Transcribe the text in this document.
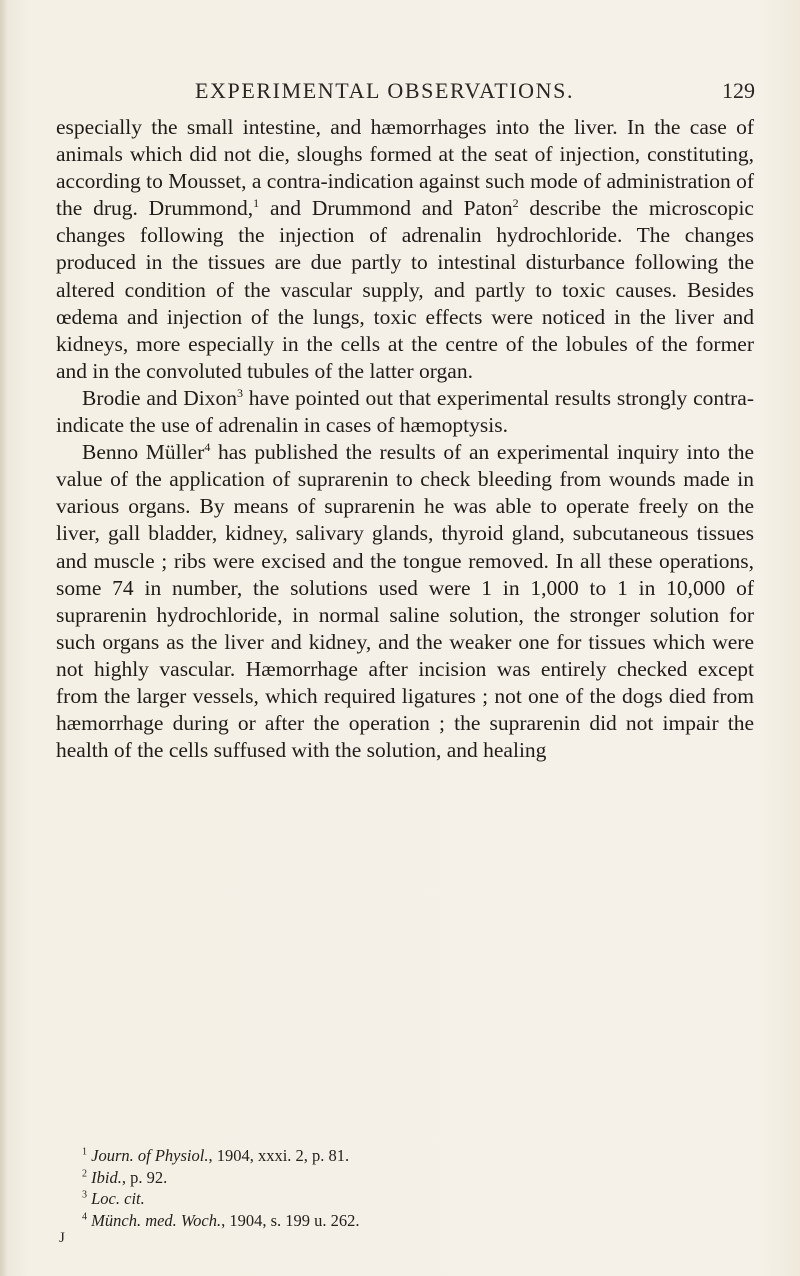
EXPERIMENTAL OBSERVATIONS.	129

especially the small intestine, and hæmorrhages into the liver. In the case of animals which did not die, sloughs formed at the seat of injection, constituting, according to Mousset, a contra-indication against such mode of administration of the drug. Drummond,$^1$ and Drummond and Paton$^2$ describe the microscopic changes following the injection of adrenalin hydrochloride. The changes produced in the tissues are due partly to intestinal disturbance following the altered condition of the vascular supply, and partly to toxic causes. Besides œdema and injection of the lungs, toxic effects were noticed in the liver and kidneys, more especially in the cells at the centre of the lobules of the former and in the convoluted tubules of the latter organ.

Brodie and Dixon$^3$ have pointed out that experimental results strongly contra-indicate the use of adrenalin in cases of hæmoptysis.

Benno Müller$^4$ has published the results of an experimental inquiry into the value of the application of suprarenin to check bleeding from wounds made in various organs. By means of suprarenin he was able to operate freely on the liver, gall bladder, kidney, salivary glands, thyroid gland, subcutaneous tissues and muscle ; ribs were excised and the tongue removed. In all these operations, some 74 in number, the solutions used were 1 in 1,000 to 1 in 10,000 of suprarenin hydrochloride, in normal saline solution, the stronger solution for such organs as the liver and kidney, and the weaker one for tissues which were not highly vascular. Hæmorrhage after incision was entirely checked except from the larger vessels, which required ligatures ; not one of the dogs died from hæmorrhage during or after the operation ; the suprarenin did not impair the health of the cells suffused with the solution, and healing

$^1$ Journ. of Physiol., 1904, xxxi. 2, p. 81.
$^2$ Ibid., p. 92.
$^3$ Loc. cit.
$^4$ Münch. med. Woch., 1904, s. 199 u. 262.
J
